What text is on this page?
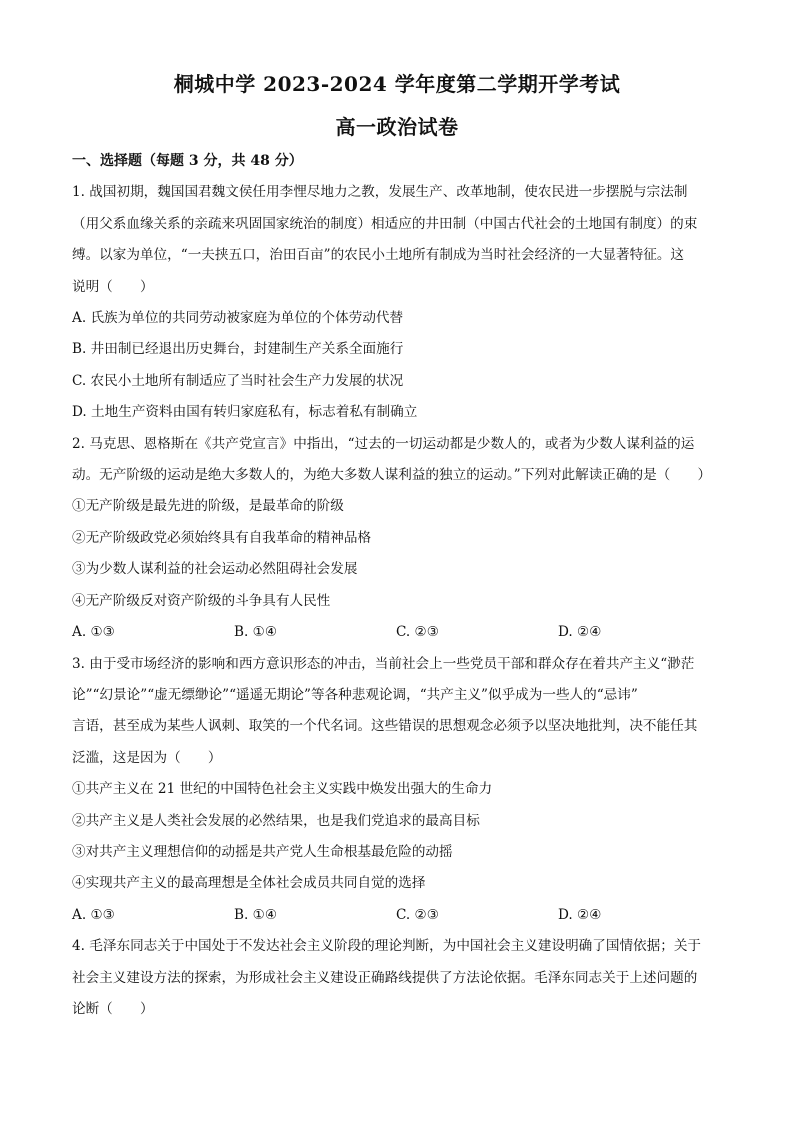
桐城中学 2023-2024 学年度第二学期开学考试
高一政治试卷
一、选择题（每题 3 分，共 48 分）

1. 战国初期，魏国国君魏文侯任用李悝尽地力之教，发展生产、改革地制，使农民进一步摆脱与宗法制
（用父系血缘关系的亲疏来巩固国家统治的制度）相适应的井田制（中国古代社会的土地国有制度）的束
缚。以家为单位，“一夫挟五口，治田百亩”的农民小土地所有制成为当时社会经济的一大显著特征。这
说明（　　）

A. 氏族为单位的共同劳动被家庭为单位的个体劳动代替

B. 井田制已经退出历史舞台，封建制生产关系全面施行

C. 农民小土地所有制适应了当时社会生产力发展的状况

D. 土地生产资料由国有转归家庭私有，标志着私有制确立

2. 马克思、恩格斯在《共产党宣言》中指出，“过去的一切运动都是少数人的，或者为少数人谋利益的运
动。无产阶级的运动是绝大多数人的，为绝大多数人谋利益的独立的运动。”下列对此解读正确的是（　　）

①无产阶级是最先进的阶级，是最革命的阶级

②无产阶级政党必须始终具有自我革命的精神品格

③为少数人谋利益的社会运动必然阻碍社会发展

④无产阶级反对资产阶级的斗争具有人民性

A. ①③	B. ①④	C. ②③	D. ②④

3. 由于受市场经济的影响和西方意识形态的冲击，当前社会上一些党员干部和群众存在着共产主义“渺茫
论”“幻景论”“虚无缥缈论”“遥遥无期论”等各种悲观论调，“共产主义”似乎成为一些人的“忌讳”
言语，甚至成为某些人讽刺、取笑的一个代名词。这些错误的思想观念必须予以坚决地批判，决不能任其
泛滥，这是因为（　　）

①共产主义在 21 世纪的中国特色社会主义实践中焕发出强大的生命力

②共产主义是人类社会发展的必然结果，也是我们党追求的最高目标

③对共产主义理想信仰的动摇是共产党人生命根基最危险的动摇

④实现共产主义的最高理想是全体社会成员共同自觉的选择

A. ①③	B. ①④	C. ②③	D. ②④

4. 毛泽东同志关于中国处于不发达社会主义阶段的理论判断，为中国社会主义建设明确了国情依据；关于
社会主义建设方法的探索，为形成社会主义建设正确路线提供了方法论依据。毛泽东同志关于上述问题的
论断（　　）
